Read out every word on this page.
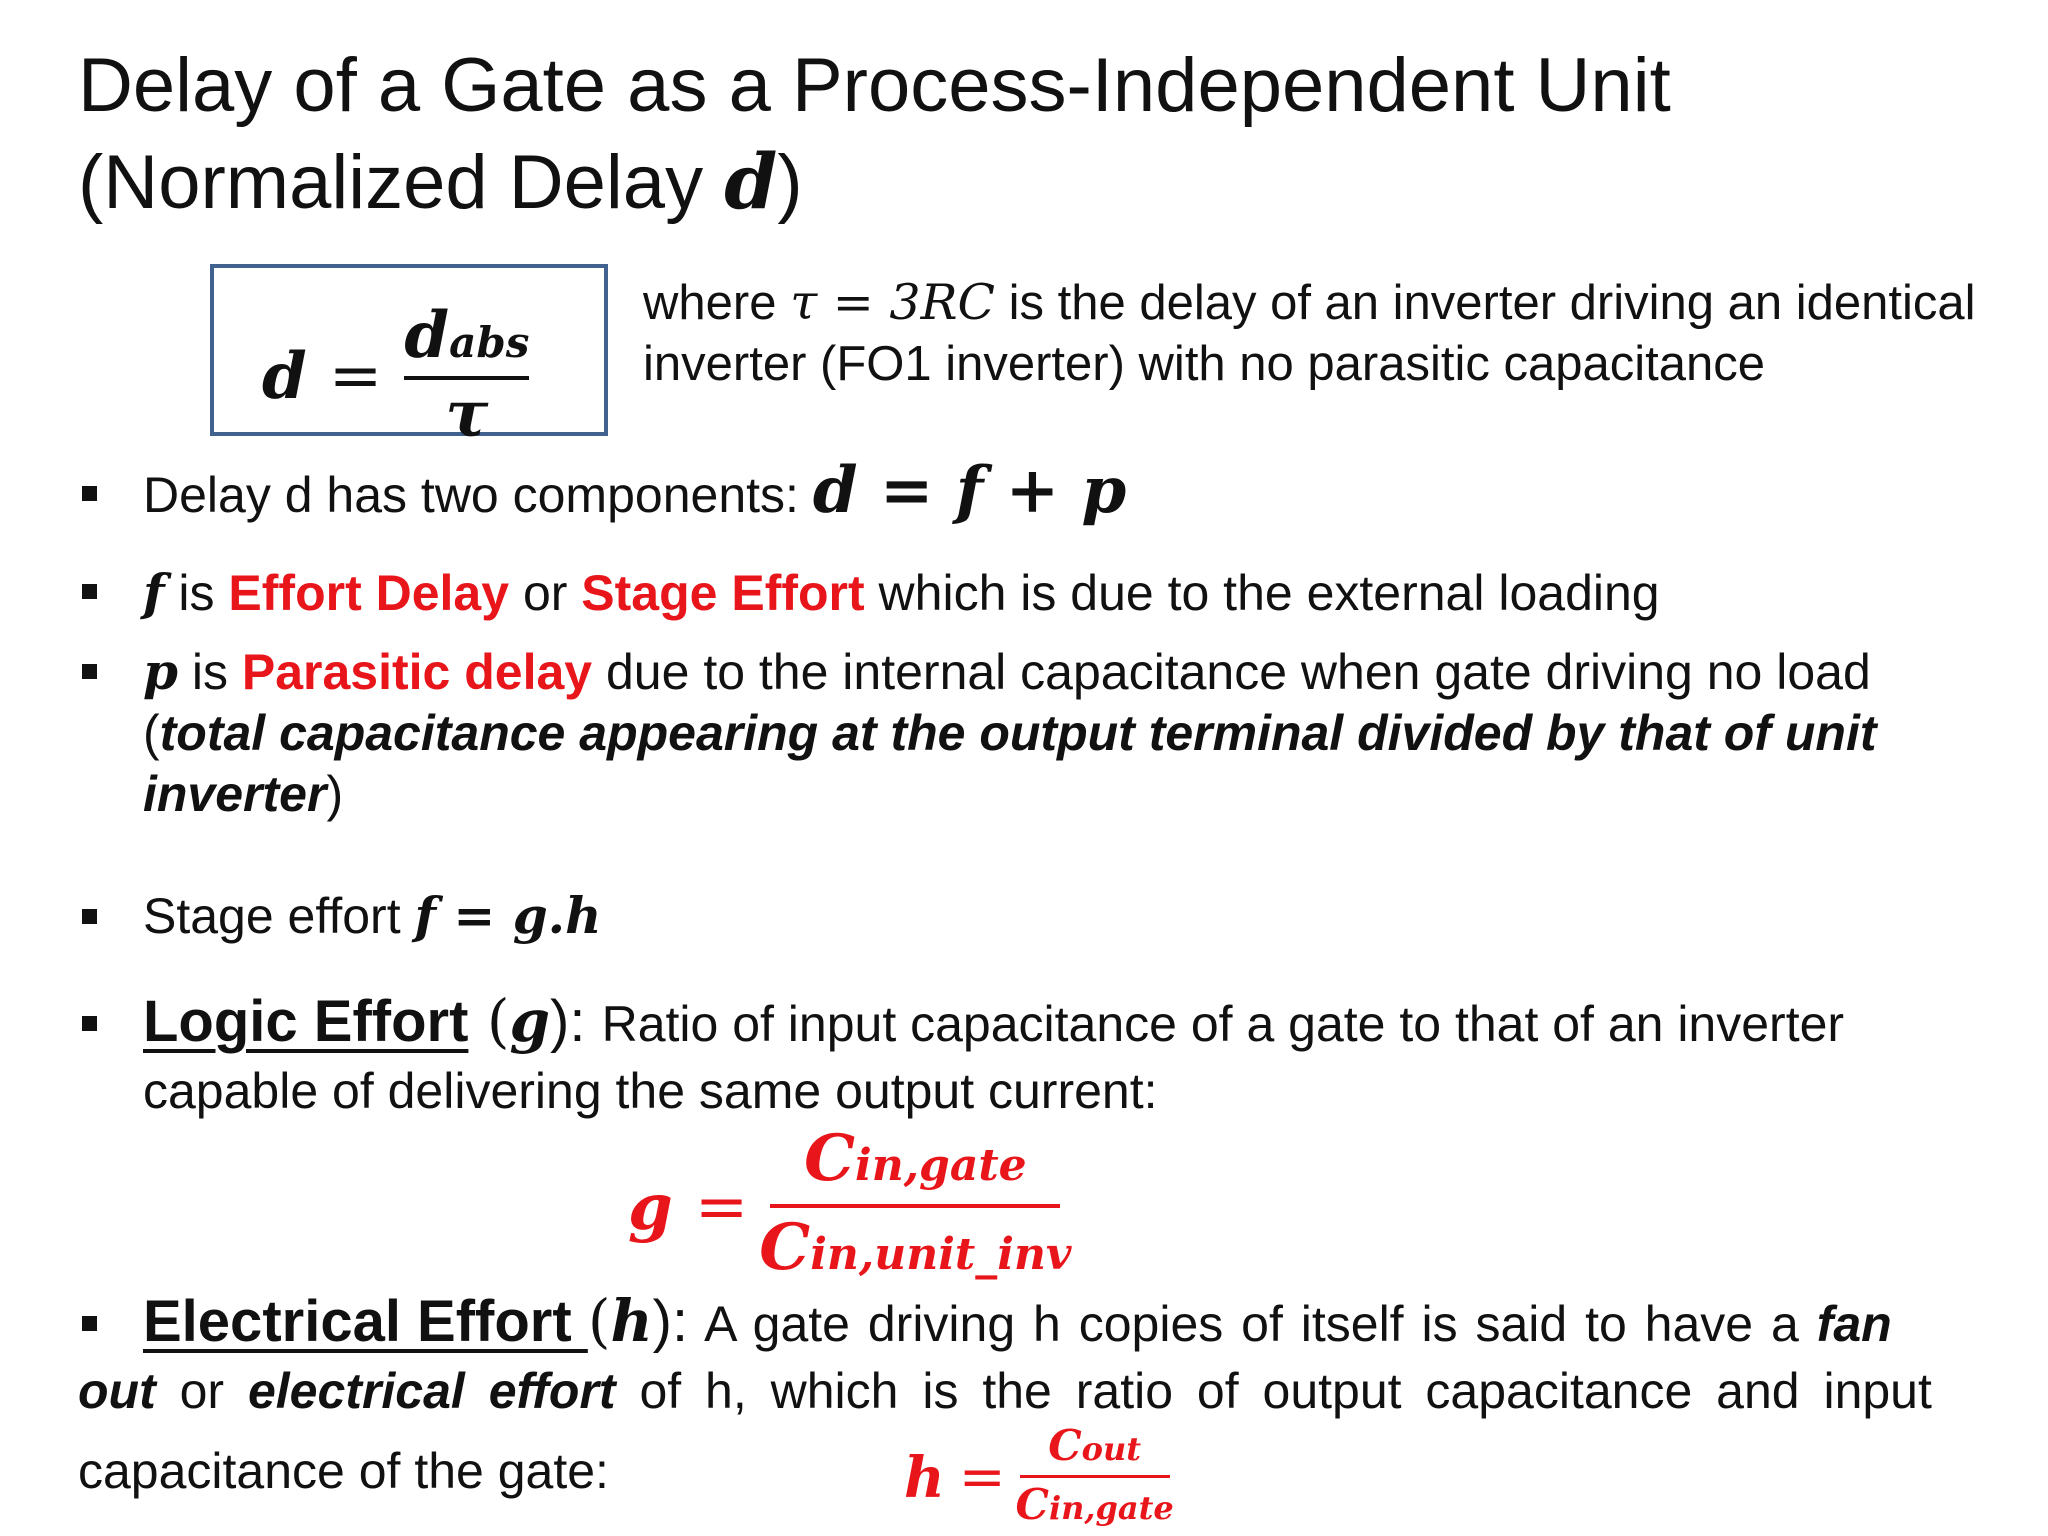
Delay of a Gate as a Process-Independent Unit
(Normalized Delay d)
$d = \frac{\text{dabs}}{\tau}$ where τ = 3RC is the delay of an inverter driving an identical
inverter (FO1 inverter) with no parasitic capacitance
Delay d has two components: d = f + p
f is Effort Delay or Stage Effort which is due to the external loading
p is Parasitic delay due to the internal capacitance when gate driving no load
(total capacitance appearing at the output terminal divided by that of unit
inverter)
Stage effort f = g.h
Logic Effort (g): Ratio of input capacitance of a gate to that of an inverter
capable of delivering the same output current:
$g = \frac{\text{Cin,gate}}{\text{Cin,unit\_inv}}$
Electrical Effort (h): A gate driving h copies of itself is said to have a fan
out or electrical effort of h, which is the ratio of output capacitance and input
capacitance of the gate:	$h = \frac{\text{Cout}}{\text{Cin,gate}}$
